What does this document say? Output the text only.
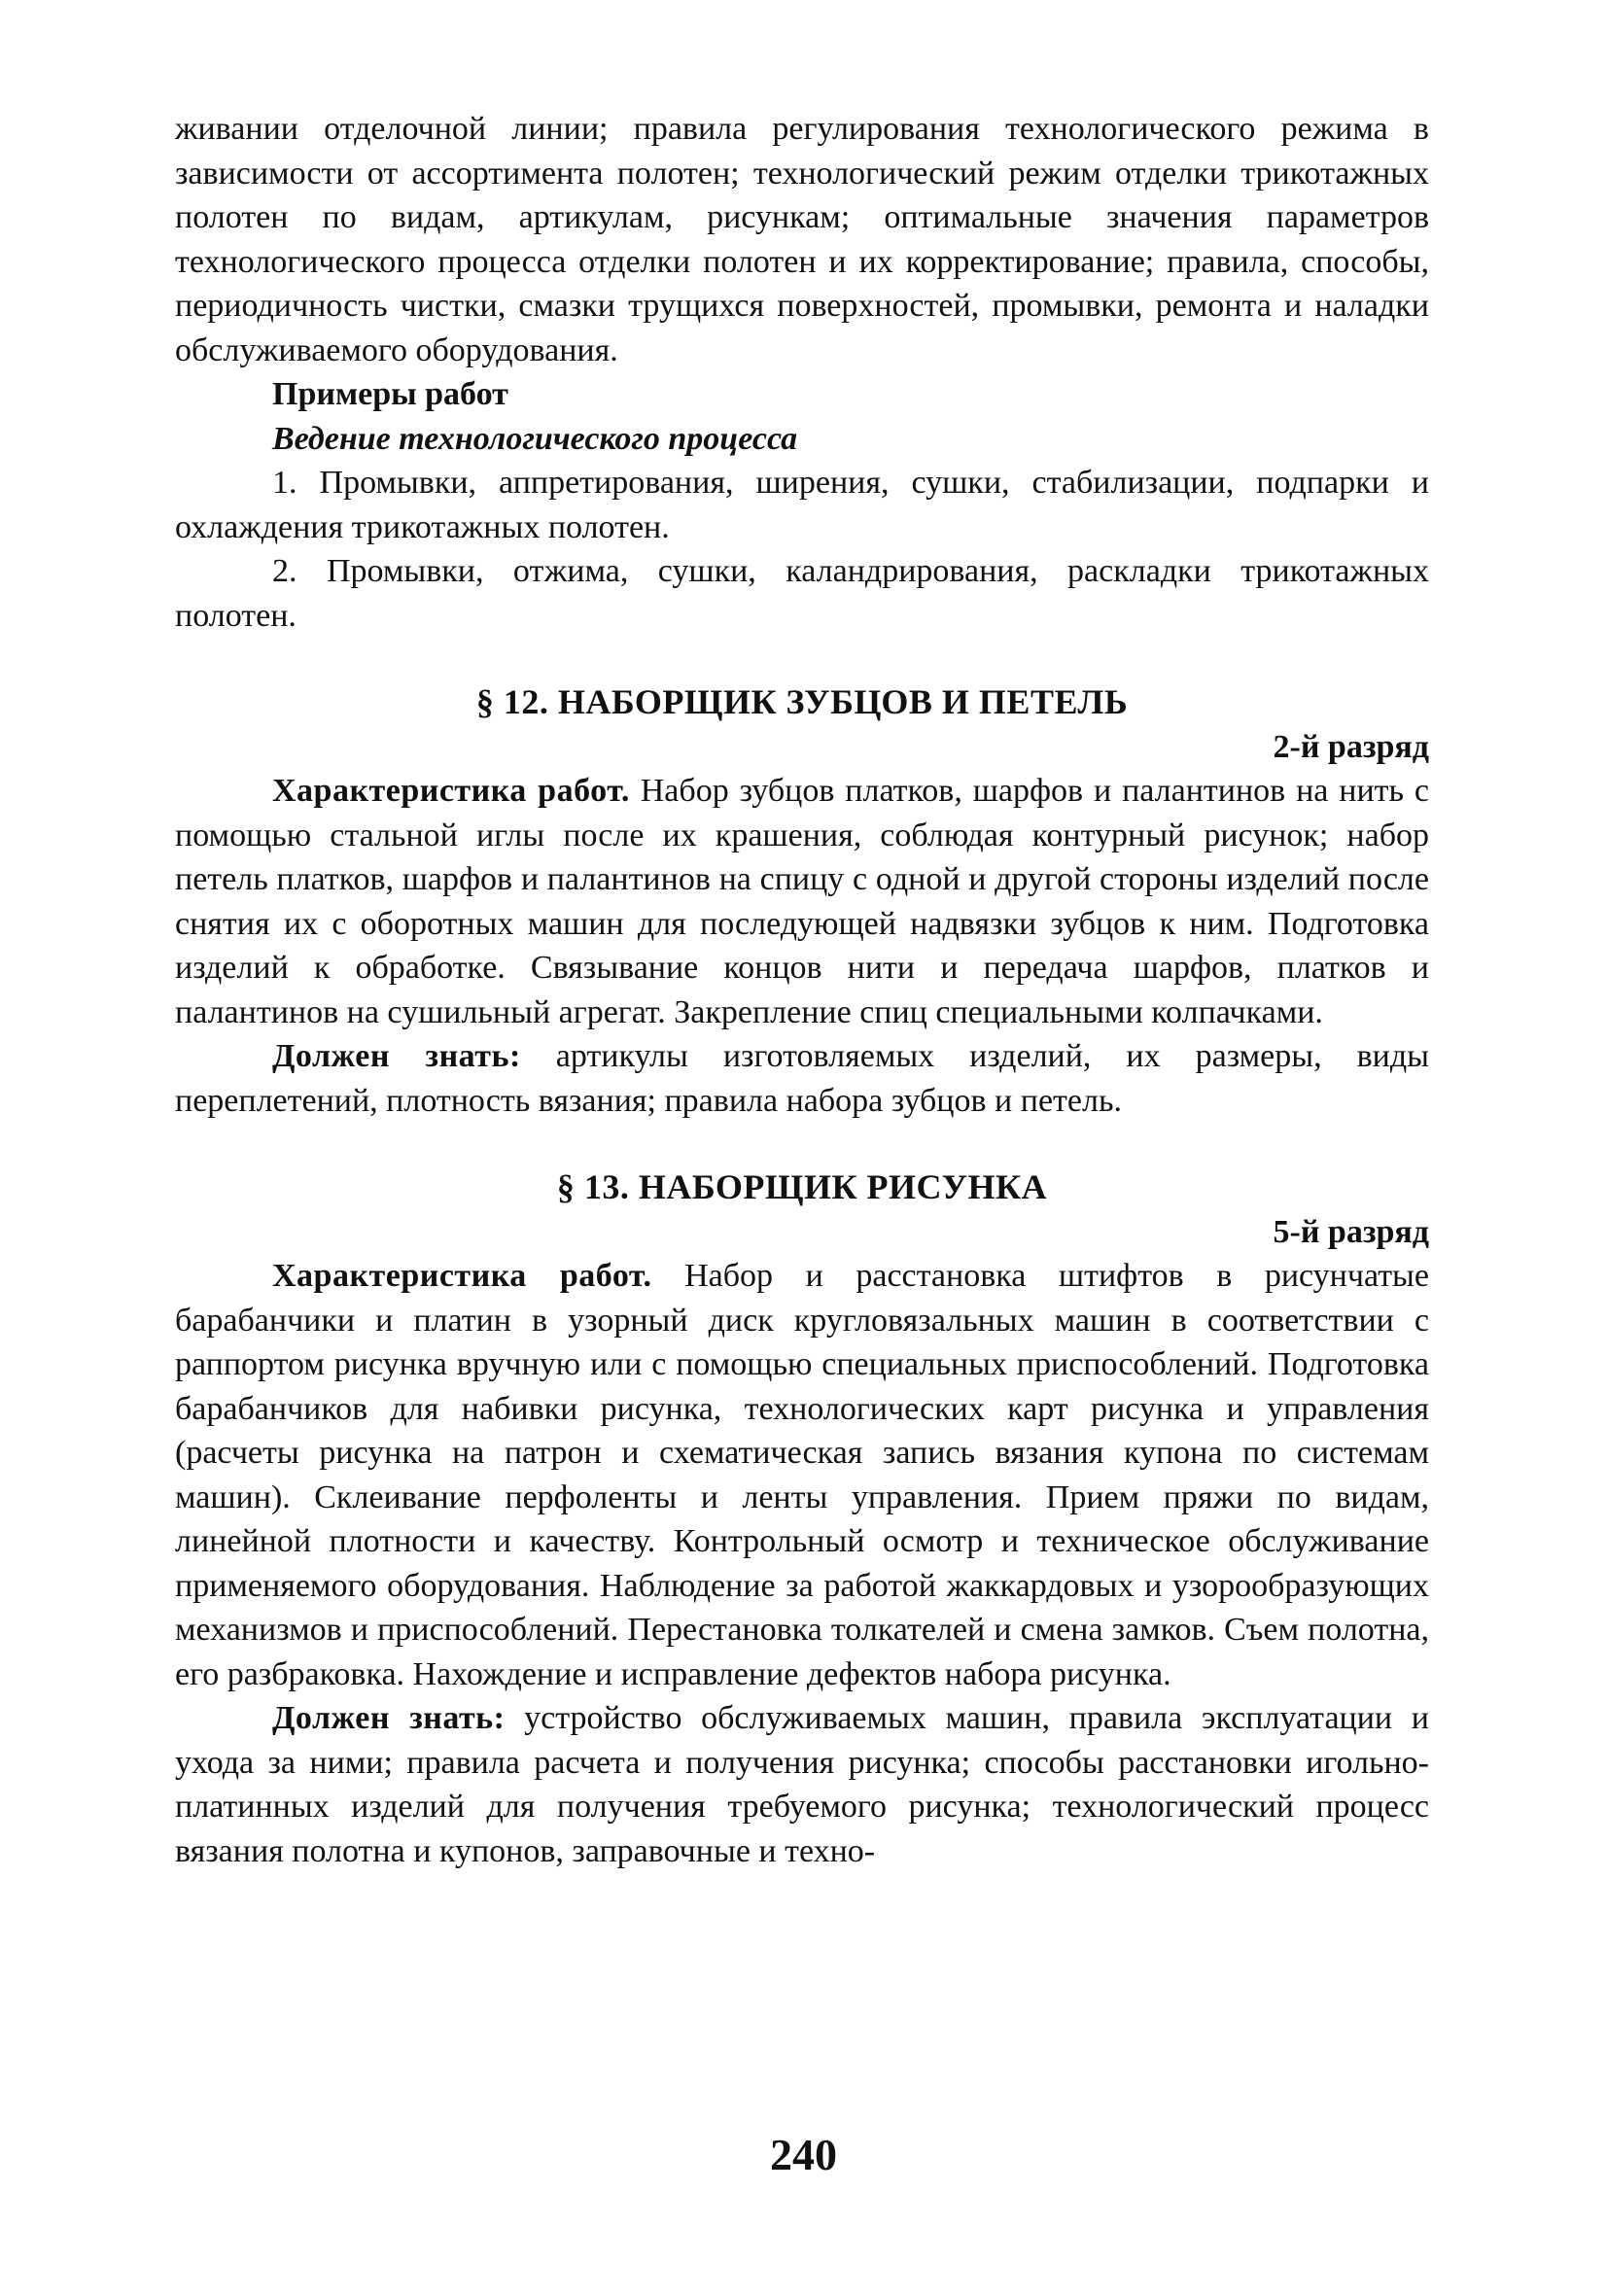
живании отделочной линии; правила регулирования технологического режима в зависимости от ассортимента полотен; технологический режим отделки трикотажных полотен по видам, артикулам, рисункам; оптимальные значения параметров технологического процесса отделки полотен и их корректирование; правила, способы, периодичность чистки, смазки трущихся поверхностей, промывки, ремонта и наладки обслуживаемого оборудования.

Примеры работ

Ведение технологического процесса

1. Промывки, аппретирования, ширения, сушки, стабилизации, подпарки и охлаждения трикотажных полотен.

2. Промывки, отжима, сушки, каландрирования, раскладки трикотажных полотен.

§ 12. НАБОРЩИК ЗУБЦОВ И ПЕТЕЛЬ
2-й разряд

Характеристика работ. Набор зубцов платков, шарфов и палантинов на нить с помощью стальной иглы после их крашения, соблюдая контурный рисунок; набор петель платков, шарфов и палантинов на спицу с одной и другой стороны изделий после снятия их с оборотных машин для последующей надвязки зубцов к ним. Подготовка изделий к обработке. Связывание концов нити и передача шарфов, платков и палантинов на сушильный агрегат. Закрепление спиц специальными колпачками.

Должен знать: артикулы изготовляемых изделий, их размеры, виды переплетений, плотность вязания; правила набора зубцов и петель.

§ 13. НАБОРЩИК РИСУНКА
5-й разряд

Характеристика работ. Набор и расстановка штифтов в рисунчатые барабанчики и платин в узорный диск кругловязальных машин в соответствии с раппортом рисунка вручную или с помощью специальных приспособлений. Подготовка барабанчиков для набивки рисунка, технологических карт рисунка и управления (расчеты рисунка на патрон и схематическая запись вязания купона по системам машин). Склеивание перфоленты и ленты управления. Прием пряжи по видам, линейной плотности и качеству. Контрольный осмотр и техническое обслуживание применяемого оборудования. Наблюдение за работой жаккардовых и узорообразующих механизмов и приспособлений. Перестановка толкателей и смена замков. Съем полотна, его разбраковка. Нахождение и исправление дефектов набора рисунка.

Должен знать: устройство обслуживаемых машин, правила эксплуатации и ухода за ними; правила расчета и получения рисунка; способы расстановки игольно-платинных изделий для получения требуемого рисунка; технологический процесс вязания полотна и купонов, заправочные и техно-

240
